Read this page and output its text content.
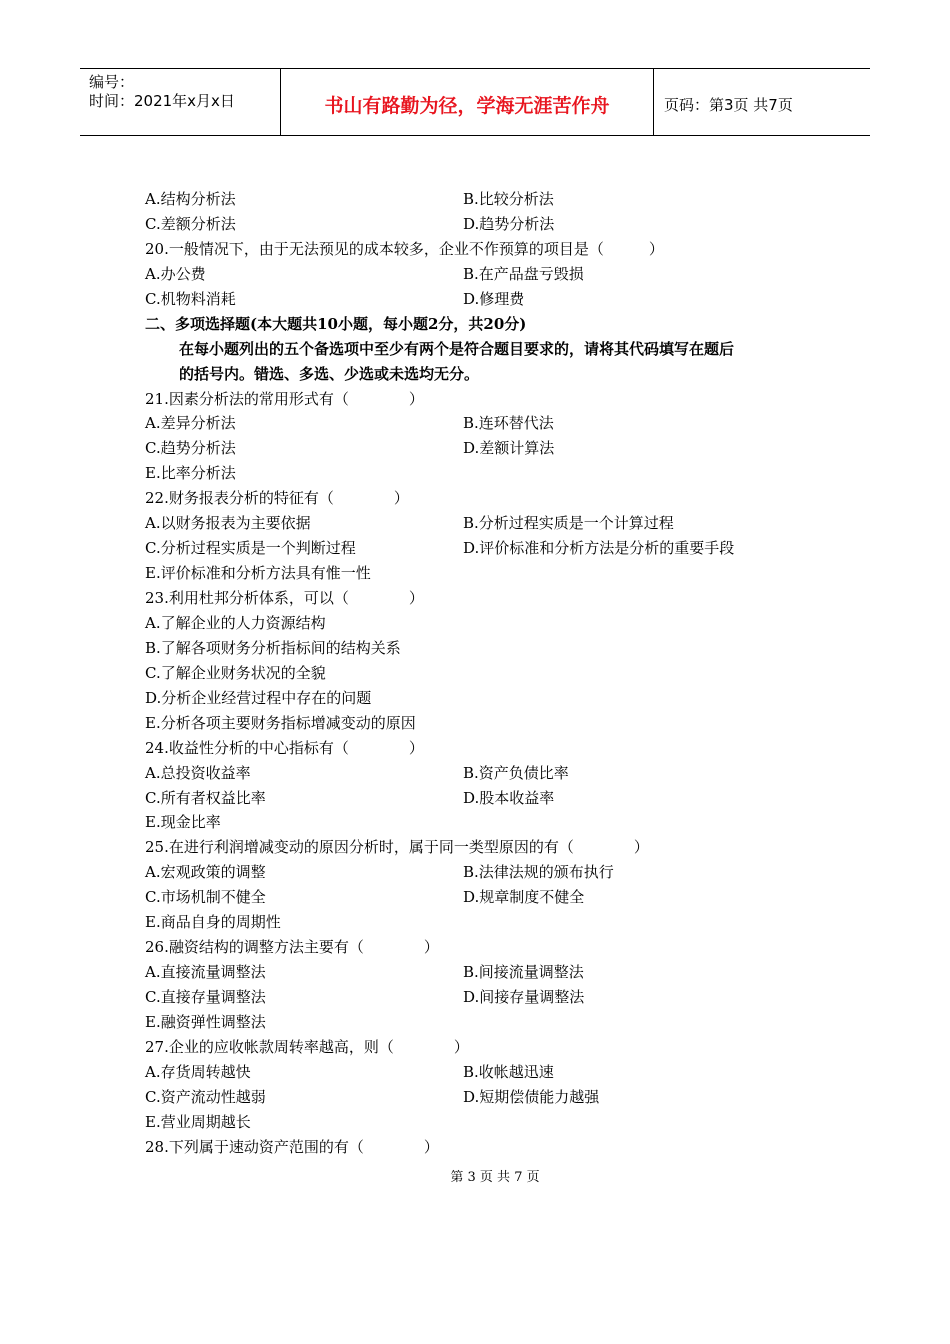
编号：
时间：2021年x月x日	书山有路勤为径，学海无涯苦作舟	页码：第3页 共7页
A.结构分析法	B.比较分析法
C.差额分析法	D.趋势分析法
20.一般情况下，由于无法预见的成本较多，企业不作预算的项目是（　　　）
A.办公费	B.在产品盘亏毁损
C.机物料消耗	D.修理费
二、多项选择题(本大题共10小题，每小题2分，共20分)
在每小题列出的五个备选项中至少有两个是符合题目要求的，请将其代码填写在题后
的括号内。错选、多选、少选或未选均无分。
21.因素分析法的常用形式有（　　　　）
A.差异分析法	B.连环替代法
C.趋势分析法	D.差额计算法
E.比率分析法
22.财务报表分析的特征有（　　　　）
A.以财务报表为主要依据	B.分析过程实质是一个计算过程
C.分析过程实质是一个判断过程	D.评价标准和分析方法是分析的重要手段
E.评价标准和分析方法具有惟一性
23.利用杜邦分析体系，可以（　　　　）
A.了解企业的人力资源结构
B.了解各项财务分析指标间的结构关系
C.了解企业财务状况的全貌
D.分析企业经营过程中存在的问题
E.分析各项主要财务指标增减变动的原因
24.收益性分析的中心指标有（　　　　）
A.总投资收益率	B.资产负债比率
C.所有者权益比率	D.股本收益率
E.现金比率
25.在进行利润增减变动的原因分析时，属于同一类型原因的有（　　　　）
A.宏观政策的调整	B.法律法规的颁布执行
C.市场机制不健全	D.规章制度不健全
E.商品自身的周期性
26.融资结构的调整方法主要有（　　　　）
A.直接流量调整法	B.间接流量调整法
C.直接存量调整法	D.间接存量调整法
E.融资弹性调整法
27.企业的应收帐款周转率越高，则（　　　　）
A.存货周转越快	B.收帐越迅速
C.资产流动性越弱	D.短期偿债能力越强
E.营业周期越长
28.下列属于速动资产范围的有（　　　　）
第 3 页 共 7 页
